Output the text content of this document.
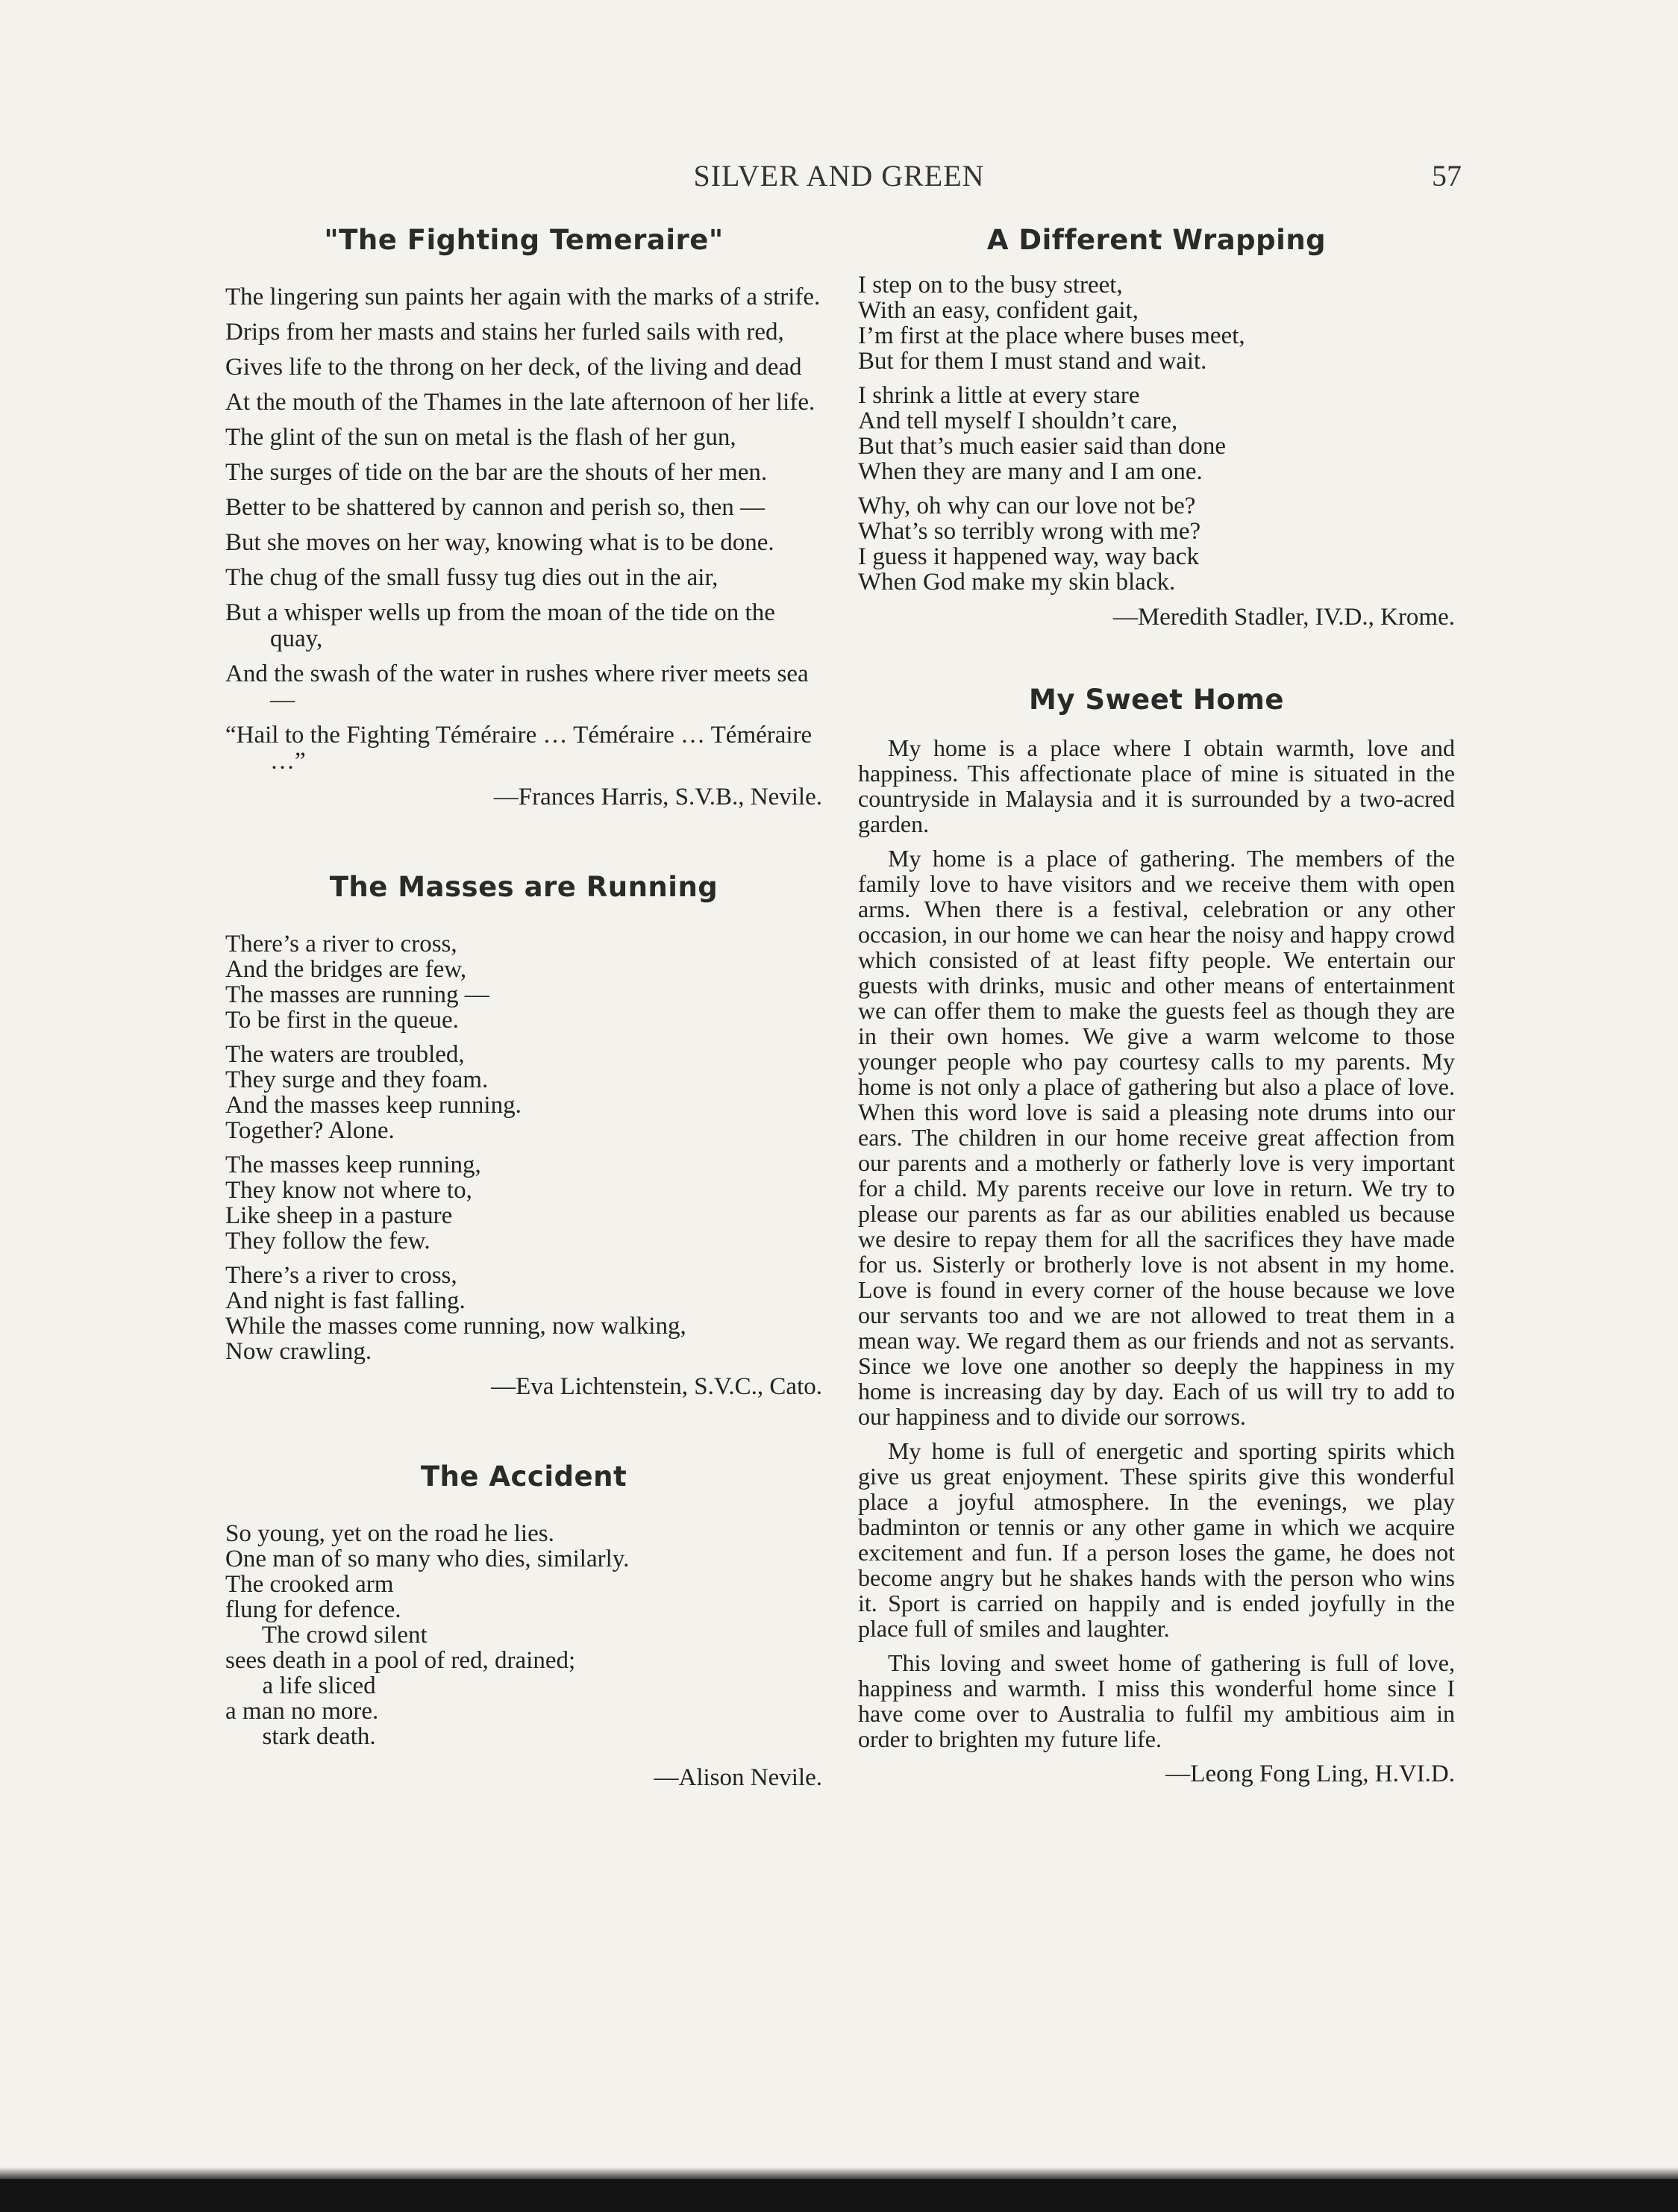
SILVER AND GREEN	57
"The Fighting Temeraire"

The lingering sun paints her again with the marks of a strife.

Drips from her masts and stains her furled sails with red,

Gives life to the throng on her deck, of the living and dead

At the mouth of the Thames in the late afternoon of her life.

The glint of the sun on metal is the flash of her gun,

The surges of tide on the bar are the shouts of her men.

Better to be shattered by cannon and perish so, then —

But she moves on her way, knowing what is to be done.

The chug of the small fussy tug dies out in the air,

But a whisper wells up from the moan of the tide on the quay,

And the swash of the water in rushes where river meets sea —

“Hail to the Fighting Téméraire … Téméraire … Téméraire …”

—Frances Harris, S.V.B., Nevile.

The Masses are Running
There’s a river to cross,
And the bridges are few,
The masses are running —
To be first in the queue.
The waters are troubled,
They surge and they foam.
And the masses keep running.
Together? Alone.
The masses keep running,
They know not where to,
Like sheep in a pasture
They follow the few.
There’s a river to cross,
And night is fast falling.
While the masses come running, now walking,
Now crawling.

—Eva Lichtenstein, S.V.C., Cato.

The Accident
So young, yet on the road he lies.
One man of so many who dies, similarly.
The crooked arm
flung for defence.
The crowd silent
sees death in a pool of red, drained;
a life sliced
a man no more.
stark death.

—Alison Nevile.

A Different Wrapping
I step on to the busy street,
With an easy, confident gait,
I’m first at the place where buses meet,
But for them I must stand and wait.
I shrink a little at every stare
And tell myself I shouldn’t care,
But that’s much easier said than done
When they are many and I am one.
Why, oh why can our love not be?
What’s so terribly wrong with me?
I guess it happened way, way back
When God make my skin black.

—Meredith Stadler, IV.D., Krome.

My Sweet Home

My home is a place where I obtain warmth, love and happiness. This affectionate place of mine is situated in the countryside in Malaysia and it is surrounded by a two-acred garden.

My home is a place of gathering. The members of the family love to have visitors and we receive them with open arms. When there is a festival, celebration or any other occasion, in our home we can hear the noisy and happy crowd which consisted of at least fifty people. We entertain our guests with drinks, music and other means of entertainment we can offer them to make the guests feel as though they are in their own homes. We give a warm welcome to those younger people who pay courtesy calls to my parents. My home is not only a place of gathering but also a place of love. When this word love is said a pleasing note drums into our ears. The children in our home receive great affection from our parents and a motherly or fatherly love is very important for a child. My parents receive our love in return. We try to please our parents as far as our abilities enabled us because we desire to repay them for all the sacrifices they have made for us. Sisterly or brotherly love is not absent in my home. Love is found in every corner of the house because we love our servants too and we are not allowed to treat them in a mean way. We regard them as our friends and not as servants. Since we love one another so deeply the happiness in my home is increasing day by day. Each of us will try to add to our happiness and to divide our sorrows.

My home is full of energetic and sporting spirits which give us great enjoyment. These spirits give this wonderful place a joyful atmosphere. In the evenings, we play badminton or tennis or any other game in which we acquire excitement and fun. If a person loses the game, he does not become angry but he shakes hands with the person who wins it. Sport is carried on happily and is ended joyfully in the place full of smiles and laughter.

This loving and sweet home of gathering is full of love, happiness and warmth. I miss this wonderful home since I have come over to Australia to fulfil my ambitious aim in order to brighten my future life.

—Leong Fong Ling, H.VI.D.
